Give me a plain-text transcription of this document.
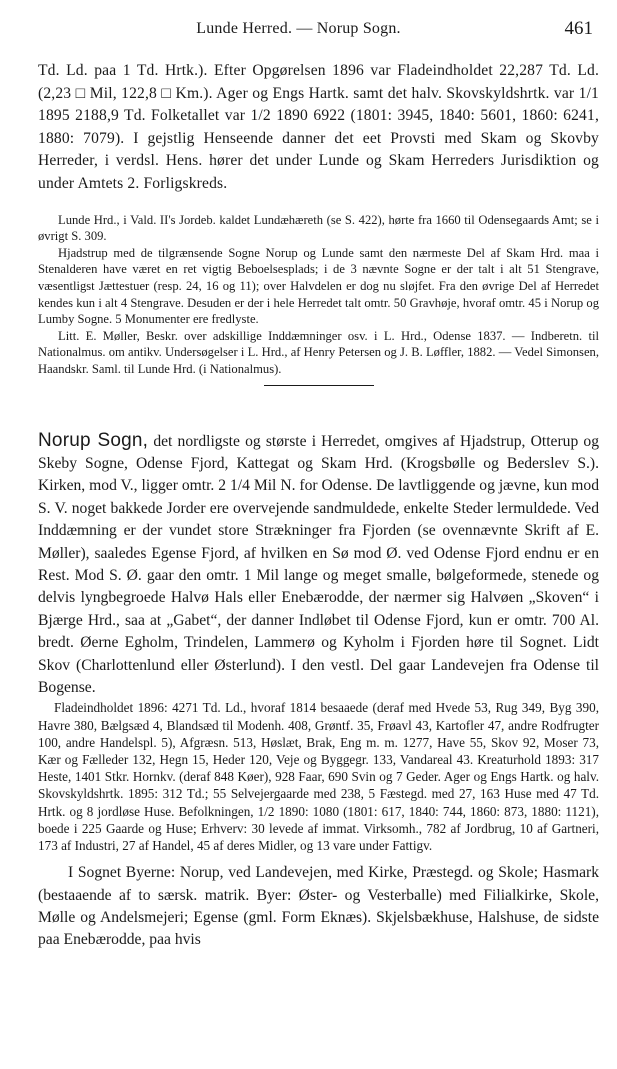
Lunde Herred. — Norup Sogn.	461

Td. Ld. paa 1 Td. Hrtk.). Efter Opgørelsen 1896 var Fladeindholdet 22,287 Td. Ld. (2,23 □ Mil, 122,8 □ Km.). Ager og Engs Hartk. samt det halv. Skovskyldshrtk. var 1/1 1895 2188,9 Td. Folketallet var 1/2 1890 6922 (1801: 3945, 1840: 5601, 1860: 6241, 1880: 7079). I gejstlig Henseende danner det eet Provsti med Skam og Skovby Herreder, i verdsl. Hens. hører det under Lunde og Skam Herreders Jurisdiktion og under Amtets 2. Forligskreds.

Lunde Hrd., i Vald. II's Jordeb. kaldet Lundæhæreth (se S. 422), hørte fra 1660 til Odensegaards Amt; se i øvrigt S. 309.

Hjadstrup med de tilgrænsende Sogne Norup og Lunde samt den nærmeste Del af Skam Hrd. maa i Stenalderen have været en ret vigtig Beboelsesplads; i de 3 nævnte Sogne er der talt i alt 51 Stengrave, væsentligst Jættestuer (resp. 24, 16 og 11); over Halvdelen er dog nu sløjfet. Fra den øvrige Del af Herredet kendes kun i alt 4 Stengrave. Desuden er der i hele Herredet talt omtr. 50 Gravhøje, hvoraf omtr. 45 i Norup og Lumby Sogne. 5 Monumenter ere fredlyste.

Litt. E. Møller, Beskr. over adskillige Inddæmninger osv. i L. Hrd., Odense 1837. — Indberetn. til Nationalmus. om antikv. Undersøgelser i L. Hrd., af Henry Petersen og J. B. Løffler, 1882. — Vedel Simonsen, Haandskr. Saml. til Lunde Hrd. (i Nationalmus).

Norup Sogn, det nordligste og største i Herredet, omgives af Hjadstrup, Otterup og Skeby Sogne, Odense Fjord, Kattegat og Skam Hrd. (Krogsbølle og Bederslev S.). Kirken, mod V., ligger omtr. 2 1/4 Mil N. for Odense. De lavtliggende og jævne, kun mod S. V. noget bakkede Jorder ere overvejende sandmuldede, enkelte Steder lermuldede. Ved Inddæmning er der vundet store Strækninger fra Fjorden (se ovennævnte Skrift af E. Møller), saaledes Egense Fjord, af hvilken en Sø mod Ø. ved Odense Fjord endnu er en Rest. Mod S. Ø. gaar den omtr. 1 Mil lange og meget smalle, bølgeformede, stenede og delvis lyngbegroede Halvø Hals eller Enebærodde, der nærmer sig Halvøen „Skoven“ i Bjærge Hrd., saa at „Gabet“, der danner Indløbet til Odense Fjord, kun er omtr. 700 Al. bredt. Øerne Egholm, Trindelen, Lammerø og Kyholm i Fjorden høre til Sognet. Lidt Skov (Charlottenlund eller Østerlund). I den vestl. Del gaar Landevejen fra Odense til Bogense.

Fladeindholdet 1896: 4271 Td. Ld., hvoraf 1814 besaaede (deraf med Hvede 53, Rug 349, Byg 390, Havre 380, Bælgsæd 4, Blandsæd til Modenh. 408, Grøntf. 35, Frøavl 43, Kartofler 47, andre Rodfrugter 100, andre Handelspl. 5), Afgræsn. 513, Høslæt, Brak, Eng m. m. 1277, Have 55, Skov 92, Moser 73, Kær og Fælleder 132, Hegn 15, Heder 120, Veje og Byggegr. 133, Vandareal 43. Kreaturhold 1893: 317 Heste, 1401 Stkr. Hornkv. (deraf 848 Køer), 928 Faar, 690 Svin og 7 Geder. Ager og Engs Hartk. og halv. Skovskyldshrtk. 1895: 312 Td.; 55 Selvejergaarde med 238, 5 Fæstegd. med 27, 163 Huse med 47 Td. Hrtk. og 8 jordløse Huse. Befolkningen, 1/2 1890: 1080 (1801: 617, 1840: 744, 1860: 873, 1880: 1121), boede i 225 Gaarde og Huse; Erhverv: 30 levede af immat. Virksomh., 782 af Jordbrug, 10 af Gartneri, 173 af Industri, 27 af Handel, 45 af deres Midler, og 13 vare under Fattigv.

I Sognet Byerne: Norup, ved Landevejen, med Kirke, Præstegd. og Skole; Hasmark (bestaaende af to særsk. matrik. Byer: Øster- og Vesterballe) med Filialkirke, Skole, Mølle og Andelsmejeri; Egense (gml. Form Eknæs). Skjelsbækhuse, Halshuse, de sidste paa Enebærodde, paa hvis
